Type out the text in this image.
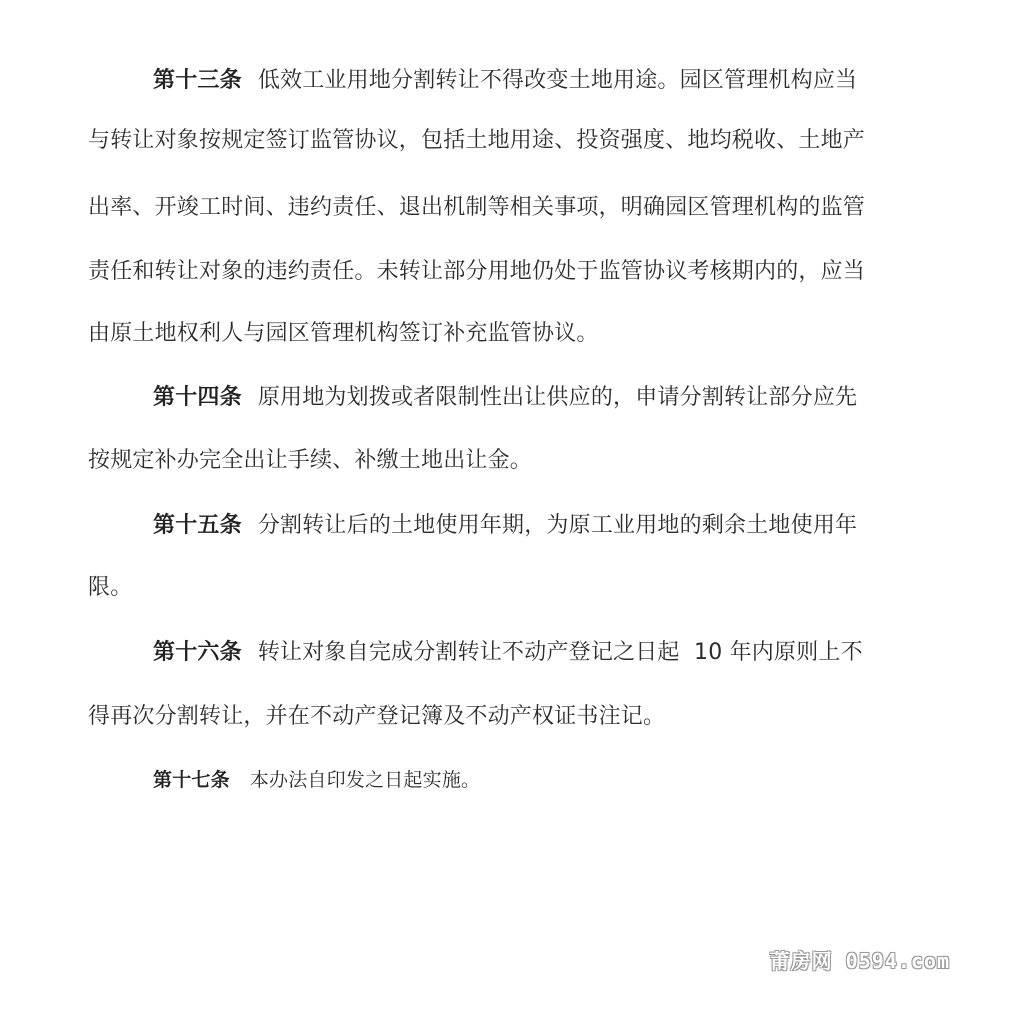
第十三条 低效工业用地分割转让不得改变土地用途。园区管理机构应当
与转让对象按规定签订监管协议，包括土地用途、投资强度、地均税收、土地产
出率、开竣工时间、违约责任、退出机制等相关事项，明确园区管理机构的监管
责任和转让对象的违约责任。未转让部分用地仍处于监管协议考核期内的，应当
由原土地权利人与园区管理机构签订补充监管协议。
第十四条 原用地为划拨或者限制性出让供应的，申请分割转让部分应先
按规定补办完全出让手续、补缴土地出让金。
第十五条 分割转让后的土地使用年期，为原工业用地的剩余土地使用年
限。
第十六条 转让对象自完成分割转让不动产登记之日起  10 年内原则上不
得再次分割转让，并在不动产登记簿及不动产权证书注记。
第十七条 本办法自印发之日起实施。
莆房网 0594.com
